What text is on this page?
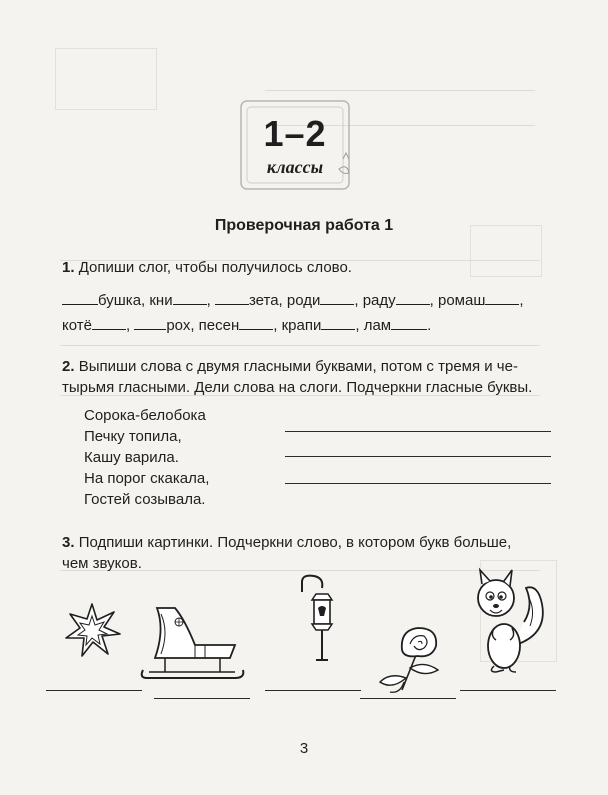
1–2
классы
Проверочная работа 1
1. Допиши слог, чтобы получилось слово.
бушка, кни , зета, роди , раду , ромаш ,
котё , рох, песен , крапи , лам .
2. Выпиши слова с двумя гласными буквами, потом с тремя и че-
тырьмя гласными. Дели слова на слоги. Подчеркни гласные буквы.
Сорока-белобока
Печку топила,
Кашу варила.
На порог скакала,
Гостей созывала.
3. Подпиши картинки. Подчеркни слово, в котором букв больше,
чем звуков.
3
